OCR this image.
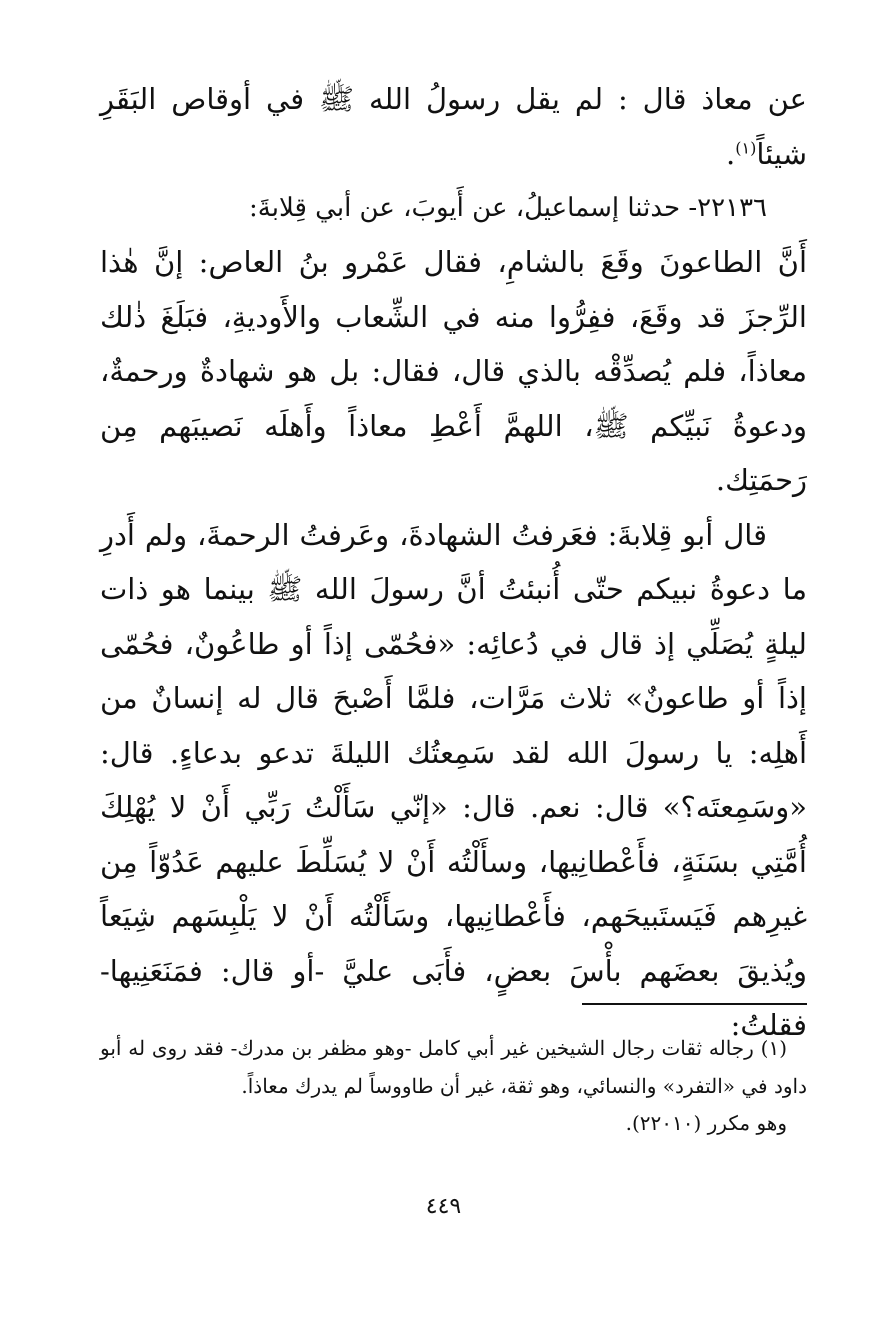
عن معاذ قال : لم يقل رسولُ الله ﷺ في أوقاص البَقَرِ شيئاً$^{(١)}$.

٢٢١٣٦- حدثنا إسماعيلُ، عن أَيوبَ، عن أبي قِلابةَ:

أَنَّ الطاعونَ وقَعَ بالشامِ، فقال عَمْرو بنُ العاص: إنَّ هٰذا الرِّجزَ قد وقَعَ، ففِرُّوا منه في الشِّعاب والأَوديةِ، فبَلَغَ ذٰلك معاذاً، فلم يُصدِّقْه بالذي قال، فقال: بل هو شهادةٌ ورحمةٌ، ودعوةُ نَبيِّكم ﷺ، اللهمَّ أَعْطِ معاذاً وأَهلَه نَصيبَهم مِن رَحمَتِك.

قال أبو قِلابةَ: فعَرفتُ الشهادةَ، وعَرفتُ الرحمةَ، ولم أَدرِ ما دعوةُ نبيكم حتّى أُنبئتُ أنَّ رسولَ الله ﷺ بينما هو ذات ليلةٍ يُصَلِّي إذ قال في دُعائِه: «فحُمّى إذاً أو طاعُونٌ، فحُمّى إذاً أو طاعونٌ» ثلاث مَرَّات، فلمَّا أَصْبحَ قال له إنسانٌ من أَهلِه: يا رسولَ الله لقد سَمِعتُك الليلةَ تدعو بدعاءٍ. قال: «وسَمِعتَه؟» قال: نعم. قال: «إنّي سَأَلْتُ رَبِّي أَنْ لا يُهْلِكَ أُمَّتِي بسَنَةٍ، فأَعْطانِيها، وسأَلْتُه أَنْ لا يُسَلِّطَ عليهم عَدُوّاً مِن غيرِهم فَيَستَبيحَهم، فأَعْطانِيها، وسَأَلْتُه أَنْ لا يَلْبِسَهم شِيَعاً ويُذيقَ بعضَهم بأْسَ بعضٍ، فأَبَى عليَّ -أو قال: فمَنَعَنِيها- فقلتُ:

(١) رجاله ثقات رجال الشيخين غير أبي كامل -وهو مظفر بن مدرك- فقد روى له أبو داود في «التفرد» والنسائي، وهو ثقة، غير أن طاووساً لم يدرك معاذاً.

وهو مكرر (٢٢٠١٠).

٤٤٩
